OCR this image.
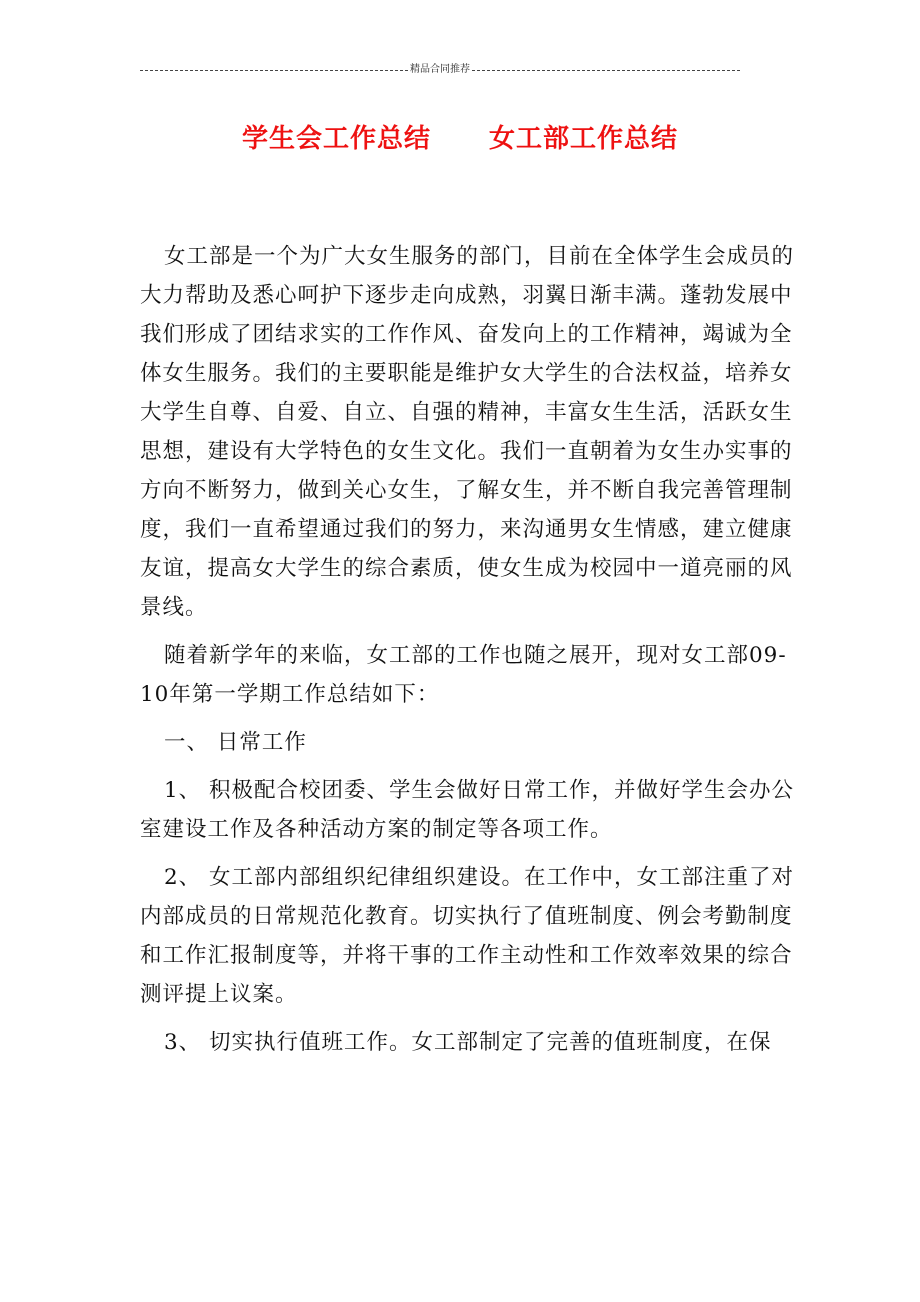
精品合同推荐
学生会工作总结 女工部工作总结

女工部是一个为广大女生服务的部门，目前在全体学生会成员的大力帮助及悉心呵护下逐步走向成熟，羽翼日渐丰满。蓬勃发展中我们形成了团结求实的工作作风、奋发向上的工作精神，竭诚为全体女生服务。我们的主要职能是维护女大学生的合法权益，培养女大学生自尊、自爱、自立、自强的精神，丰富女生生活，活跃女生思想，建设有大学特色的女生文化。我们一直朝着为女生办实事的方向不断努力，做到关心女生，了解女生，并不断自我完善管理制度，我们一直希望通过我们的努力，来沟通男女生情感，建立健康友谊，提高女大学生的综合素质，使女生成为校园中一道亮丽的风景线。

随着新学年的来临，女工部的工作也随之展开，现对女工部09-10年第一学期工作总结如下：

一、 日常工作

1、 积极配合校团委、学生会做好日常工作，并做好学生会办公室建设工作及各种活动方案的制定等各项工作。

2、 女工部内部组织纪律组织建设。在工作中，女工部注重了对内部成员的日常规范化教育。切实执行了值班制度、例会考勤制度和工作汇报制度等，并将干事的工作主动性和工作效率效果的综合测评提上议案。

3、 切实执行值班工作。女工部制定了完善的值班制度，在保
